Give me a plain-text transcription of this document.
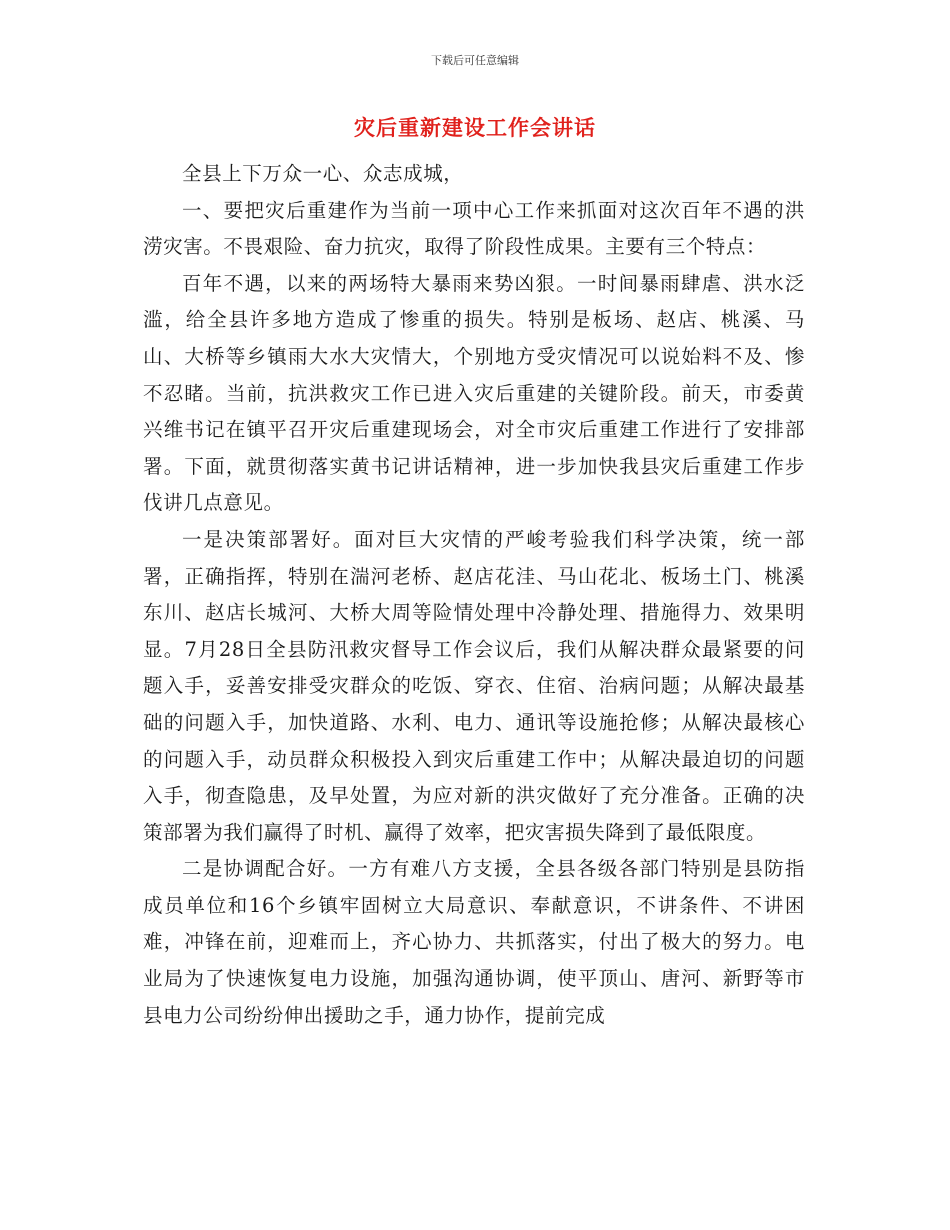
下载后可任意编辑
灾后重新建设工作会讲话

全县上下万众一心、众志成城，

一、要把灾后重建作为当前一项中心工作来抓面对这次百年不遇的洪涝灾害。不畏艰险、奋力抗灾，取得了阶段性成果。主要有三个特点：

百年不遇，以来的两场特大暴雨来势凶狠。一时间暴雨肆虐、洪水泛滥，给全县许多地方造成了惨重的损失。特别是板场、赵店、桃溪、马山、大桥等乡镇雨大水大灾情大，个别地方受灾情况可以说始料不及、惨不忍睹。当前，抗洪救灾工作已进入灾后重建的关键阶段。前天，市委黄兴维书记在镇平召开灾后重建现场会，对全市灾后重建工作进行了安排部署。下面，就贯彻落实黄书记讲话精神，进一步加快我县灾后重建工作步伐讲几点意见。

一是决策部署好。面对巨大灾情的严峻考验我们科学决策，统一部署，正确指挥，特别在湍河老桥、赵店花洼、马山花北、板场土门、桃溪东川、赵店长城河、大桥大周等险情处理中冷静处理、措施得力、效果明显。7月28日全县防汛救灾督导工作会议后，我们从解决群众最紧要的问题入手，妥善安排受灾群众的吃饭、穿衣、住宿、治病问题；从解决最基础的问题入手，加快道路、水利、电力、通讯等设施抢修；从解决最核心的问题入手，动员群众积极投入到灾后重建工作中；从解决最迫切的问题入手，彻查隐患，及早处置，为应对新的洪灾做好了充分准备。正确的决策部署为我们赢得了时机、赢得了效率，把灾害损失降到了最低限度。

二是协调配合好。一方有难八方支援，全县各级各部门特别是县防指成员单位和16个乡镇牢固树立大局意识、奉献意识，不讲条件、不讲困难，冲锋在前，迎难而上，齐心协力、共抓落实，付出了极大的努力。电业局为了快速恢复电力设施，加强沟通协调，使平顶山、唐河、新野等市县电力公司纷纷伸出援助之手，通力协作，提前完成
